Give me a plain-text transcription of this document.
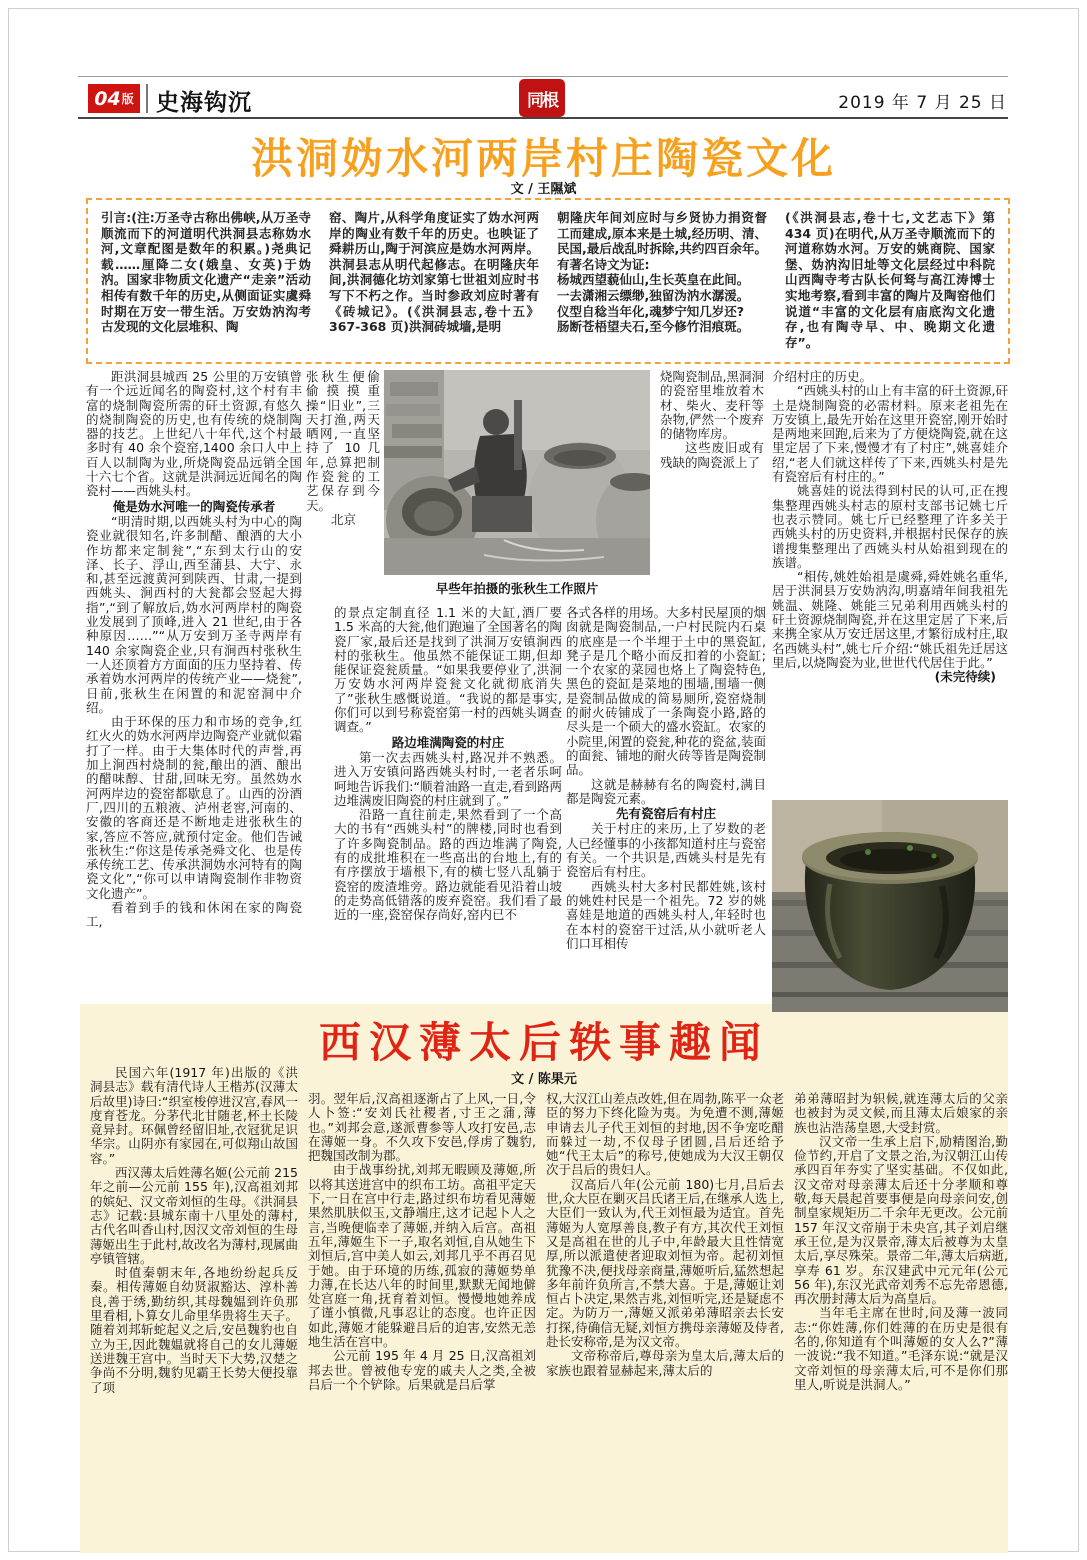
04 版 史海钩沉	同根	2019 年 7 月 25 日
洪洞妫水河两岸村庄陶瓷文化
文 / 王隰斌

引言:(注:万圣寺古称出佛峡,从万圣寺顺流而下的河道明代洪洞县志称妫水河,文章配图是数年的积累。)尧典记载……厘降二女(娥皇、女英)于妫汭。国家非物质文化遗产“走亲”活动相传有数千年的历史,从侧面证实虞舜时期在万安一带生活。万安妫汭沟考古发现的文化层堆积、陶

窑、陶片,从科学角度证实了妫水河两岸的陶业有数千年的历史。也映证了舜耕历山,陶于河滨应是妫水河两岸。洪洞县志从明代起修志。在明隆庆年间,洪洞德化坊刘家第七世祖刘应时书写下不朽之作。当时参政刘应时著有《砖城记》。(《洪洞县志,卷十五》367-368 页)洪洞砖城墙,是明

朝隆庆年间刘应时与乡贤协力捐资督工而建成,原本来是土城,经历明、清、民国,最后战乱时拆除,共约四百余年。有著名诗文为证:

杨城西望藐仙山,生长英皇在此间。

一去潇湘云缥缈,独留沩汭水潺湲。

仪型自稔当年化,魂梦宁知几岁还?

肠断苍梧望夫石,至今修竹泪痕斑。

(《洪洞县志,卷十七,文艺志下》第 434 页)在明代,从万圣寺顺流而下的河道称妫水河。万安的姚商院、国家堡、妫汭沟旧址等文化层经过中科院山西陶寺考古队长何驽与高江涛博士实地考察,看到丰富的陶片及陶窑他们说道“丰富的文化层有庙底沟文化遗存,也有陶寺早、中、晚期文化遗存”。

距洪洞县城西 25 公里的万安镇曾有一个远近闻名的陶瓷村,这个村有丰富的烧制陶瓷所需的矸土资源,有悠久的烧制陶瓷的历史,也有传统的烧制陶器的技艺。上世纪八十年代,这个村最多时有 40 余个瓷窑,1400 余口人中上百人以制陶为业,所烧陶瓷品远销全国十六七个省。这就是洪洞远近闻名的陶瓷村——西姚头村。

俺是妫水河唯一的陶瓷传承者

“明清时期,以西姚头村为中心的陶瓷业就很知名,许多制醋、酿酒的大小作坊都来定制瓮”,“东到太行山的安泽、长子、浮山,西至蒲县、大宁、永和,甚至远渡黄河到陕西、甘肃,一提到西姚头、涧西村的大瓮都会竖起大拇指”,“到了解放后,妫水河两岸村的陶瓷业发展到了顶峰,进入 21 世纪,由于各种原因……”“从万安到万圣寺两岸有 140 余家陶瓷企业,只有涧西村张秋生一人还顶着方方面面的压力坚持着、传承着妫水河两岸的传统产业——烧瓮”,日前,张秋生在闲置的和泥窑洞中介绍。

由于环保的压力和市场的竞争,红红火火的妫水河两岸边陶瓷产业就似霜打了一样。由于大集体时代的声誉,再加上涧西村烧制的瓮,酿出的酒、酿出的醋味醇、甘甜,回味无穷。虽然妫水河两岸边的瓷窑都歇息了。山西的汾酒厂,四川的五粮液、泸州老窖,河南的、安徽的客商还是不断地走进张秋生的家,答应不答应,就预付定金。他们告诫张秋生:“你这是传承尧舜文化、也是传承传统工艺、传承洪洞妫水河特有的陶瓷文化”,“你可以申请陶瓷制作非物资文化遗产”。

看着到手的钱和休闲在家的陶瓷工,

张秋生便偷偷摸摸重操“旧业”,三天打渔,两天晒网,一直坚持了 10 几年,总算把制作瓷瓮的工艺保存到今天。

北京

早些年拍摄的张秋生工作照片

的景点定制直径 1.1 米的大缸,酒厂要 1.5 米高的大瓮,他们跑遍了全国著名的陶瓷厂家,最后还是找到了洪洞万安镇涧西村的张秋生。他虽然不能保证工期,但却能保证瓷瓮质量。“如果我要停业了,洪洞万安妫水河两岸瓷瓮文化就彻底消失了”张秋生感慨说道。“我说的都是事实,你们可以到号称瓷窑第一村的西姚头调查调查。”

路边堆满陶瓷的村庄

第一次去西姚头村,路况并不熟悉。进入万安镇问路西姚头村时,一老者乐呵呵地告诉我们:“顺着油路一直走,看到路两边堆满废旧陶瓷的村庄就到了。”

沿路一直往前走,果然看到了一个高大的书有“西姚头村”的牌楼,同时也看到了许多陶瓷制品。路的西边堆满了陶瓷,有的成批堆积在一些高出的台地上,有的有序摆放于墙根下,有的横七竖八乱躺于瓷窑的废渣堆旁。路边就能看见沿着山坡的走势高低错落的废弃瓷窑。我们看了最近的一座,瓷窑保存尚好,窑内已不

烧陶瓷制品,黑洞洞的瓷窑里堆放着木材、柴火、麦秆等杂物,俨然一个废弃的储物库房。

这些废旧或有残缺的陶瓷派上了

各式各样的用场。大多村民屋顶的烟囱就是陶瓷制品,一户村民院内石桌的底座是一个半埋于土中的黑瓷缸,凳子是几个略小而反扣着的小瓷缸;一个农家的菜园也烙上了陶瓷特色,黑色的瓷缸是菜地的围墙,围墙一侧是瓷制品做成的简易厕所,瓷窑烧制的耐火砖铺成了一条陶瓷小路,路的尽头是一个硕大的盛水瓷缸。农家的小院里,闲置的瓷瓮,种花的瓷盆,装面的面瓮、铺地的耐火砖等皆是陶瓷制品。

这就是赫赫有名的陶瓷村,满目都是陶瓷元素。

先有瓷窑后有村庄

关于村庄的来历,上了岁数的老人已经懂事的小孩都知道村庄与瓷窑有关。一个共识是,西姚头村是先有瓷窑后有村庄。

西姚头村大多村民都姓姚,该村的姚姓村民是一个祖先。72 岁的姚喜娃是地道的西姚头村人,年轻时也在本村的瓷窑干过活,从小就听老人们口耳相传

介绍村庄的历史。

“西姚头村的山上有丰富的矸土资源,矸土是烧制陶瓷的必需材料。原来老祖先在万安镇上,最先开始在这里开瓷窑,刚开始时是两地来回跑,后来为了方便烧陶瓷,就在这里定居了下来,慢慢才有了村庄”,姚喜娃介绍,“老人们就这样传了下来,西姚头村是先有瓷窑后有村庄的。”

姚喜娃的说法得到村民的认可,正在搜集整理西姚头村志的原村支部书记姚七斤也表示赞同。姚七斤已经整理了许多关于西姚头村的历史资料,并根据村民保存的族谱搜集整理出了西姚头村从始祖到现在的族谱。

“相传,姚姓始祖是虞舜,舜姓姚名重华,居于洪洞县万安妫汭沟,明嘉靖年间我祖先姚温、姚隆、姚能三兄弟利用西姚头村的矸土资源烧制陶瓷,并在这里定居了下来,后来携全家从万安迁居这里,才繁衍成村庄,取名西姚头村”,姚七斤介绍:“姚氏祖先迁居这里后,以烧陶瓷为业,世世代代居住于此。”

(未完待续)

西汉薄太后轶事趣闻
文 / 陈果元

民国六年(1917 年)出版的《洪洞县志》载有清代诗人王楷苏(汉薄太后故里)诗曰:“织室梭停进汉宫,春风一度育苍龙。分茅代北甘随老,杯土长陵竟异封。环佩曾经留旧址,衣冠犹足识华宗。山阴亦有家园在,可似翔山故国容。”

西汉薄太后姓薄名姬(公元前 215 年之前—公元前 155 年),汉高祖刘邦的嫔妃、汉文帝刘恒的生母。《洪洞县志》记载:县城东南十八里处的薄村,古代名叫香山村,因汉文帝刘恒的生母薄姬出生于此村,故改名为薄村,现属曲亭镇管辖。

时值秦朝末年,各地纷纷起兵反秦。相传薄姬自幼贤淑豁达、淳朴善良,善于绣,勤纺织,其母魏媪到许负那里看相,卜算女儿命里华贵将生天子。随着刘邦斩蛇起义之后,安邑魏豹也自立为王,因此魏媪就将自己的女儿薄姬送进魏王宫中。当时天下大势,汉楚之争尚不分明,魏豹见霸王长势大便投靠了项

羽。翌年后,汉高祖逐渐占了上风,一日,令人卜签:“安刘氏社稷者,寸王之蒲,薄也。”刘邦会意,遂派曹参等人攻打安邑,志在薄姬一身。不久攻下安邑,俘虏了魏豹,把魏国改制为郡。

由于战事纷扰,刘邦无暇顾及薄姬,所以将其送进宫中的织布工坊。高祖平定天下,一日在宫中行走,路过织布坊看见薄姬果然肌肤似玉,文静端庄,这才记起卜人之言,当晚便临幸了薄姬,并纳入后宫。高祖五年,薄姬生下一子,取名刘恒,自从她生下刘恒后,宫中美人如云,刘邦几乎不再召见于她。由于环境的历练,孤寂的薄姬势单力薄,在长达八年的时间里,默默无闻地僻处宫庭一角,抚育着刘恒。慢慢地她养成了谨小慎微,凡事忍让的态度。也许正因如此,薄姬才能躲避吕后的迫害,安然无恙地生活在宫中。

公元前 195 年 4 月 25 日,汉高祖刘邦去世。曾被他专宠的戚夫人之类,全被吕后一个个铲除。后果就是吕后掌

权,大汉江山差点改姓,但在周勃,陈平一众老臣的努力下终化险为夷。为免遭不测,薄姬申请去儿子代王刘恒的封地,因不争宠吃醋而躲过一劫,不仅母子团圆,吕后还给予她“代王太后”的称号,使她成为大汉王朝仅次于吕后的贵妇人。

汉高后八年(公元前 180)七月,吕后去世,众大臣在剿灭吕氏诸王后,在继承人选上,大臣们一致认为,代王刘恒最为适宜。首先薄姬为人宽厚善良,教子有方,其次代王刘恒又是高祖在世的儿子中,年龄最大且性情宽厚,所以派遣使者迎取刘恒为帝。起初刘恒犹豫不决,便找母亲商量,薄姬听后,猛然想起多年前许负所言,不禁大喜。于是,薄姬让刘恒占卜决定,果然吉兆,刘恒听完,还是疑虑不定。为防万一,薄姬又派弟弟薄昭亲去长安打探,待确信无疑,刘恒方携母亲薄姬及侍者,赴长安称帝,是为汉文帝。

文帝称帝后,尊母亲为皇太后,薄太后的家族也跟着显赫起来,薄太后的

弟弟薄昭封为轵候,就连薄太后的父亲也被封为灵文候,而且薄太后娘家的亲族也沾浩荡皇恩,大受封赏。

汉文帝一生承上启下,励精图治,勤俭节约,开启了文景之治,为汉朝江山传承四百年夯实了坚实基础。不仅如此,汉文帝对母亲薄太后还十分孝顺和尊敬,每天晨起首要事便是向母亲问安,创制皇家规矩历二千余年无更改。公元前 157 年汉文帝崩于未央宫,其子刘启继承王位,是为汉景帝,薄太后被尊为太皇太后,享尽殊荣。景帝二年,薄太后病逝,享寿 61 岁。东汉建武中元元年(公元 56 年),东汉光武帝刘秀不忘先帝恩德,再次册封薄太后为高皇后。

当年毛主席在世时,问及薄一波同志:“你姓薄,你们姓薄的在历史是很有名的,你知道有个叫薄姬的女人么?”薄一波说:“我不知道。”毛泽东说:“就是汉文帝刘恒的母亲薄太后,可不是你们那里人,听说是洪洞人。”
